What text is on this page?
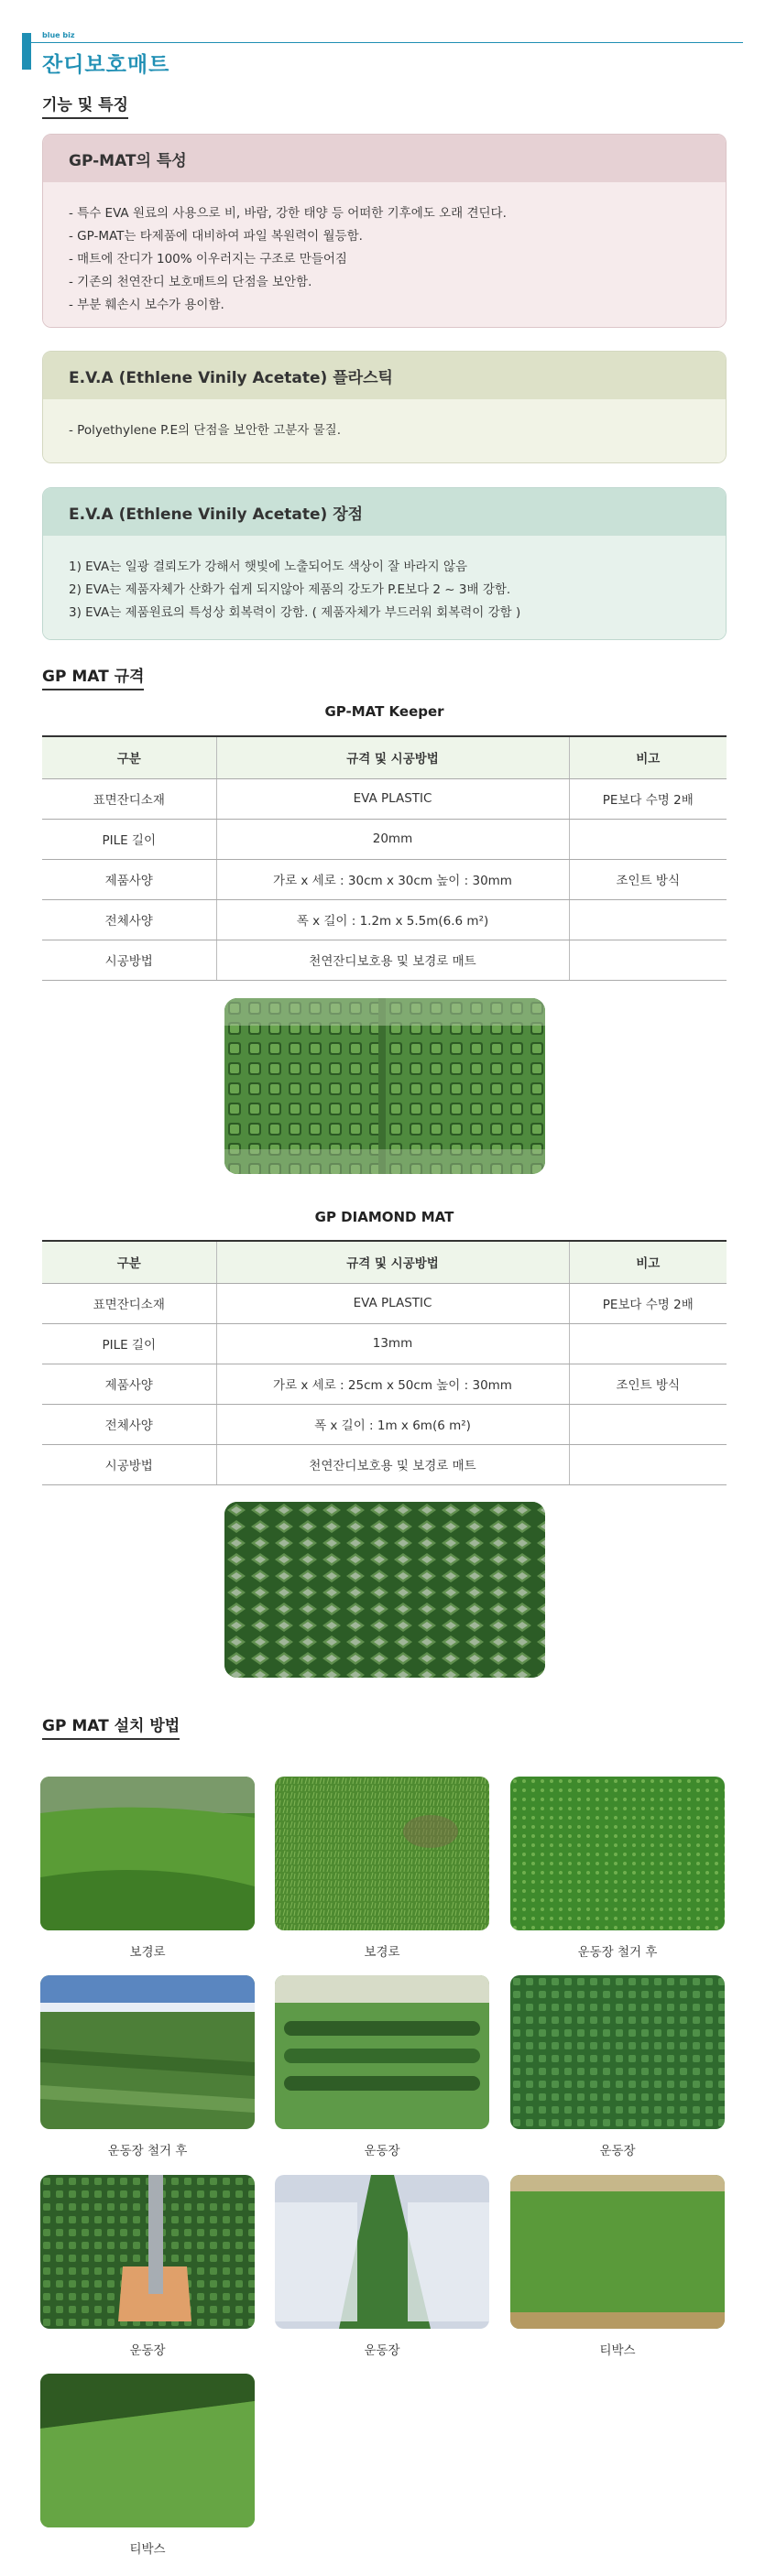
blue biz
잔디보호매트
기능 및 특징
GP-MAT의 특성
- 특수 EVA 원료의 사용으로 비, 바람, 강한 태양 등 어떠한 기후에도 오래 견딘다.
- GP-MAT는 타제품에 대비하여 파일 복원력이 월등함.
- 매트에 잔디가 100% 이우러지는 구조로 만들어짐
- 기존의 천연잔디 보호매트의 단점을 보안함.
- 부분 훼손시 보수가 용이함.
E.V.A (Ethlene Vinily Acetate) 플라스틱
- Polyethylene P.E의 단점을 보안한 고분자 물질.
E.V.A (Ethlene Vinily Acetate) 장점
1) EVA는 일광 결뢰도가 강해서 햇빛에 노출되어도 색상이 잘 바라지 않음
2) EVA는 제품자체가 산화가 쉽게 되지않아 제품의 강도가 P.E보다 2 ~ 3배 강함.
3) EVA는 제품원료의 특성상 회복력이 강함. ( 제품자체가 부드러워 회복력이 강함 )
GP MAT 규격
GP-MAT Keeper
구분	규격 및 시공방법	비고
표면잔디소재	EVA PLASTIC	PE보다 수명 2배
PILE 길이	20mm	
제품사양	가로 x 세로 : 30cm x 30cm 높이 : 30mm	조인트 방식
전체사양	폭 x 길이 : 1.2m x 5.5m(6.6 m²)	
시공방법	천연잔디보호용 및 보경로 매트	
GP DIAMOND MAT
구분	규격 및 시공방법	비고
표면잔디소재	EVA PLASTIC	PE보다 수명 2배
PILE 길이	13mm	
제품사양	가로 x 세로 : 25cm x 50cm 높이 : 30mm	조인트 방식
전체사양	폭 x 길이 : 1m x 6m(6 m²)	
시공방법	천연잔디보호용 및 보경로 매트	
GP MAT 설치 방법
보경로	보경로	운동장 철거 후
운동장 철거 후	운동장	운동장
운동장	운동장	티박스
티박스
